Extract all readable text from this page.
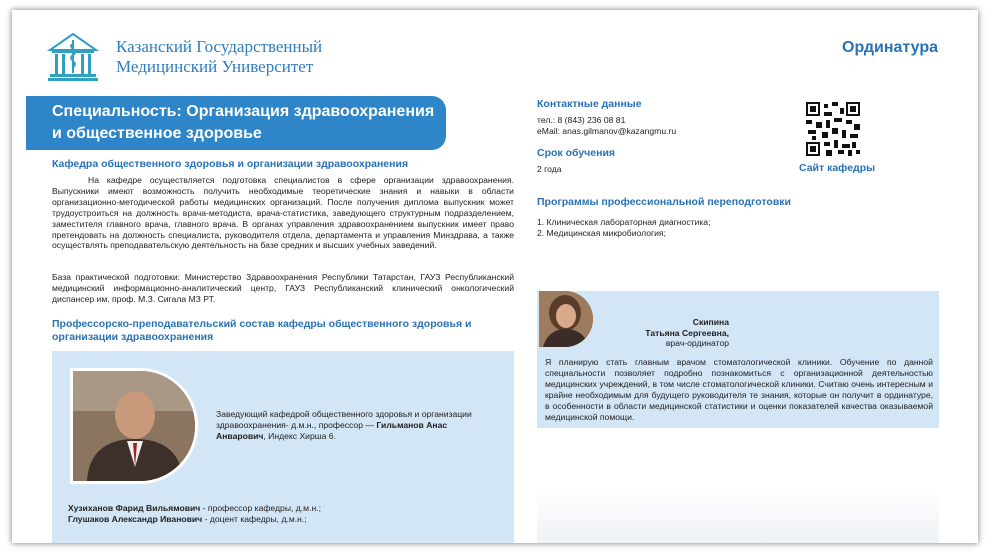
Казанский Государственный
Медицинский Университет
Ординатура
Специальность: Организация здравоохранения
и общественное здоровье
Кафедра общественного здоровья и организации здравоохранения

На кафедре осуществляется подготовка специалистов в сфере организации здравоохранения. Выпускники имеют возможность получить необходимые теоретические знания и навыки в области организационно-методической работы медицинских организаций. После получения диплома выпускник может трудоустроиться на должность врача-методиста, врача-статистика, заведующего структурным подразделением, заместителя главного врача, главного врача. В органах управления здравоохранением выпускник имеет право претендовать на должность специалиста, руководителя отдела, департамента и управления Минздрава, а также осуществлять преподавательскую деятельность на базе средних и высших учебных заведений.

База практической подготовки: Министерство Здравоохранения Республики Татарстан, ГАУЗ Республиканский медицинский информационно-аналитический центр, ГАУЗ Республиканский клинический онкологический диспансер им. проф. М.З. Сигала МЗ РТ.

Профессорско-преподавательский состав кафедры общественного здоровья и
организации здравоохранения

Заведующий кафедрой общественного здоровья и организации здравоохранения- д.м.н., профессор — Гильманов Анас Анварович, Индекс Хирша 6.

Хузиханов Фарид Вильямович - профессор кафедры, д.м.н.;
Глушаков Александр Иванович - доцент кафедры, д.м.н.;
Контактные данные
тел.: 8 (843) 236 08 81
eMail: anas.gilmanov@kazangmu.ru
Сайт кафедры
Срок обучения
2 года
Программы профессиональной переподготовки
1. Клиническая лабораторная диагностика;
2. Медицинская микробиология;
Скипина
Татьяна Сергеевна,
врач-ординатор

Я планирую стать главным врачом стоматологической клиники. Обучение по данной специальности позволяет подробно познакомиться с организационной деятельностью медицинских учреждений, в том числе стоматологической клиники. Считаю очень интересным и крайне необходимым для будущего руководителя те знания, которые он получит в ординатуре, в особенности в области медицинской статистики и оценки показателей качества оказываемой медицинской помощи.
